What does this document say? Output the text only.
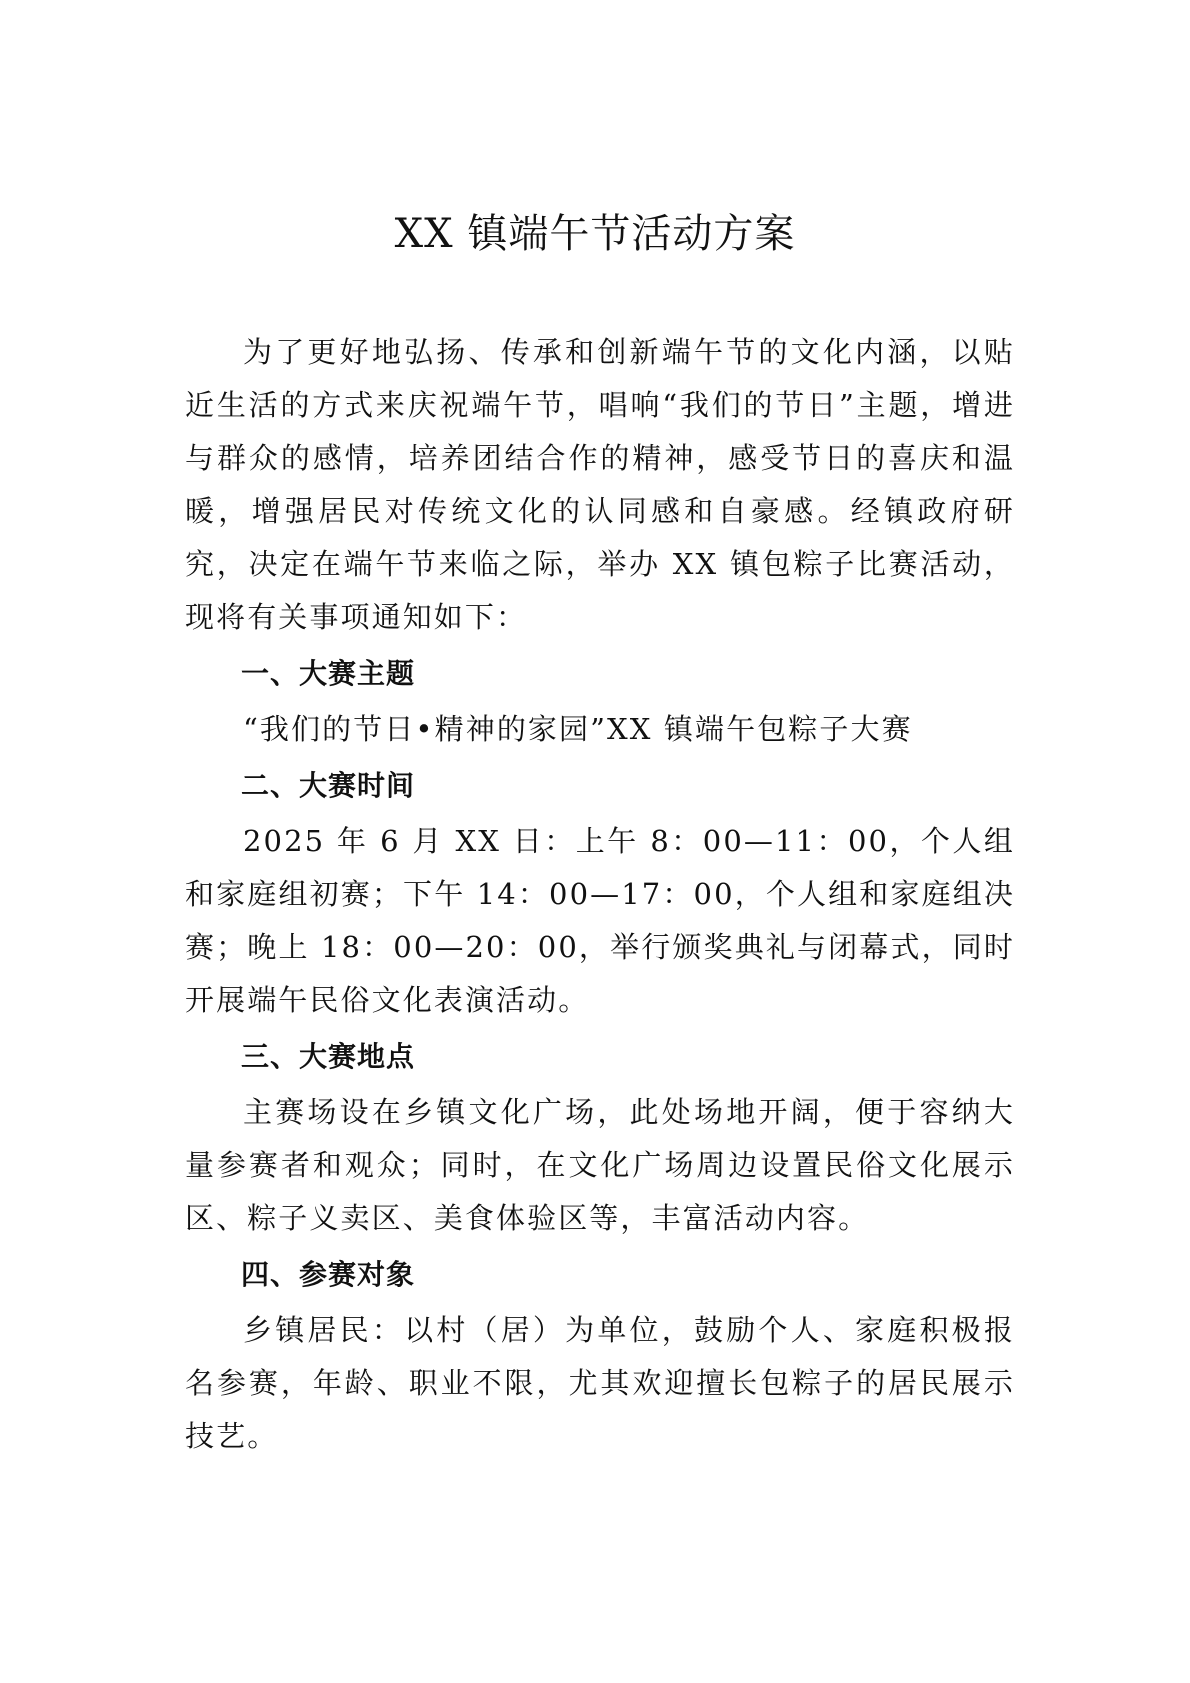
XX 镇端午节活动方案

为了更好地弘扬、传承和创新端午节的文化内涵，以贴近生活的方式来庆祝端午节，唱响“我们的节日”主题，增进与群众的感情，培养团结合作的精神，感受节日的喜庆和温暖，增强居民对传统文化的认同感和自豪感。经镇政府研究，决定在端午节来临之际，举办 XX 镇包粽子比赛活动，现将有关事项通知如下：

一、大赛主题

“我们的节日•精神的家园”XX 镇端午包粽子大赛

二、大赛时间

2025 年 6 月 XX 日：上午 8：00—11：00，个人组和家庭组初赛；下午 14：00—17：00，个人组和家庭组决赛；晚上 18：00—20：00，举行颁奖典礼与闭幕式，同时开展端午民俗文化表演活动。

三、大赛地点

主赛场设在乡镇文化广场，此处场地开阔，便于容纳大量参赛者和观众；同时，在文化广场周边设置民俗文化展示区、粽子义卖区、美食体验区等，丰富活动内容。

四、参赛对象

乡镇居民：以村（居）为单位，鼓励个人、家庭积极报名参赛，年龄、职业不限，尤其欢迎擅长包粽子的居民展示技艺。
